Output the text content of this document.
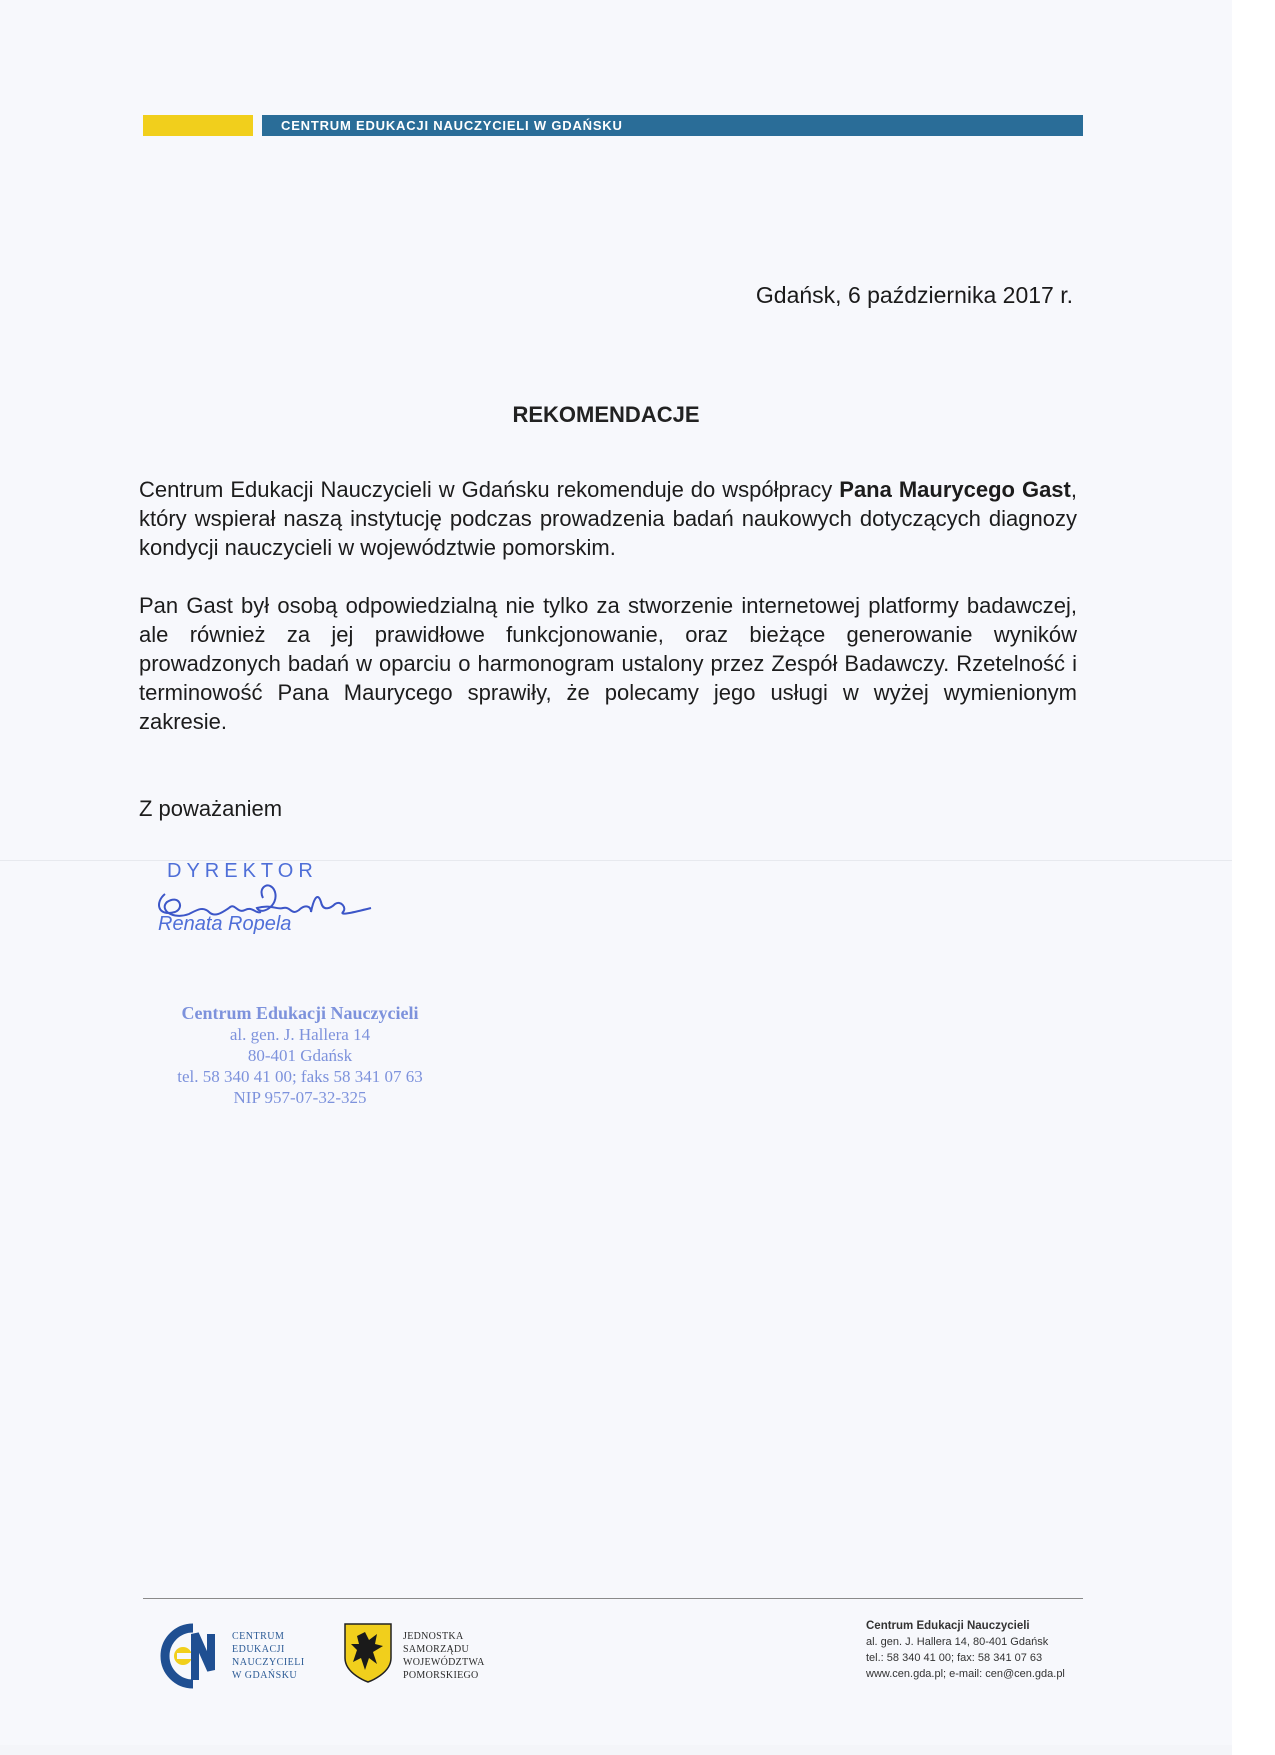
CENTRUM EDUKACJI NAUCZYCIELI W GDAŃSKU
Gdańsk, 6 października 2017 r.
REKOMENDACJE

Centrum Edukacji Nauczycieli w Gdańsku rekomenduje do współpracy Pana Maurycego Gast, który wspierał naszą instytucję podczas prowadzenia badań naukowych dotyczących diagnozy kondycji nauczycieli w województwie pomorskim.

Pan Gast był osobą odpowiedzialną nie tylko za stworzenie internetowej platformy badawczej, ale również za jej prawidłowe funkcjonowanie, oraz bieżące generowanie wyników prowadzonych badań w oparciu o harmonogram ustalony przez Zespół Badawczy. Rzetelność i terminowość Pana Maurycego sprawiły, że polecamy jego usługi w wyżej wymienionym zakresie.

Z poważaniem
DYREKTOR
Renata Ropela
Centrum Edukacji Nauczycieli
al. gen. J. Hallera 14
80-401 Gdańsk
tel. 58 340 41 00; faks 58 341 07 63
NIP 957-07-32-325
CENTRUM
EDUKACJI
NAUCZYCIELI
W GDAŃSKU
JEDNOSTKA
SAMORZĄDU
WOJEWÓDZTWA
POMORSKIEGO
Centrum Edukacji Nauczycieli
al. gen. J. Hallera 14, 80-401 Gdańsk
tel.: 58 340 41 00; fax: 58 341 07 63
www.cen.gda.pl; e-mail: cen@cen.gda.pl
